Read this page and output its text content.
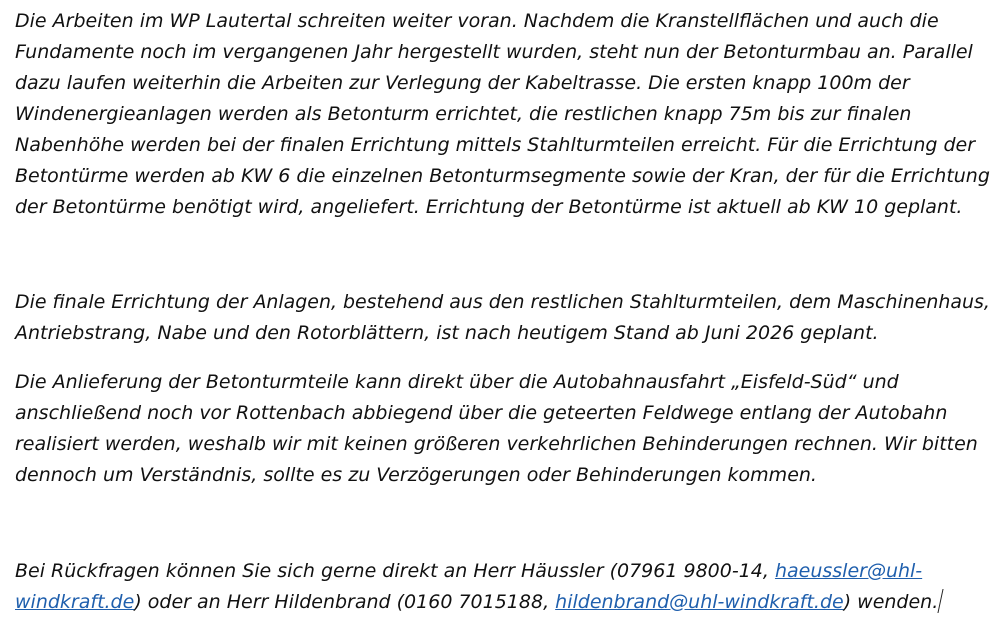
Die Arbeiten im WP Lautertal schreiten weiter voran. Nachdem die Kranstellflächen und auch die
Fundamente noch im vergangenen Jahr hergestellt wurden, steht nun der Betonturmbau an. Parallel
dazu laufen weiterhin die Arbeiten zur Verlegung der Kabeltrasse. Die ersten knapp 100m der
Windenergieanlagen werden als Betonturm errichtet, die restlichen knapp 75m bis zur finalen
Nabenhöhe werden bei der finalen Errichtung mittels Stahlturmteilen erreicht. Für die Errichtung der
Betontürme werden ab KW 6 die einzelnen Betonturmsegmente sowie der Kran, der für die Errichtung
der Betontürme benötigt wird, angeliefert. Errichtung der Betontürme ist aktuell ab KW 10 geplant.
Die finale Errichtung der Anlagen, bestehend aus den restlichen Stahlturmteilen, dem Maschinenhaus,
Antriebstrang, Nabe und den Rotorblättern, ist nach heutigem Stand ab Juni 2026 geplant.
Die Anlieferung der Betonturmteile kann direkt über die Autobahnausfahrt „Eisfeld-Süd“ und
anschließend noch vor Rottenbach abbiegend über die geteerten Feldwege entlang der Autobahn
realisiert werden, weshalb wir mit keinen größeren verkehrlichen Behinderungen rechnen. Wir bitten
dennoch um Verständnis, sollte es zu Verzögerungen oder Behinderungen kommen.
Bei Rückfragen können Sie sich gerne direkt an Herr Häussler (07961 9800-14, haeussler@uhl-
windkraft.de) oder an Herr Hildenbrand (0160 7015188, hildenbrand@uhl-windkraft.de) wenden.
